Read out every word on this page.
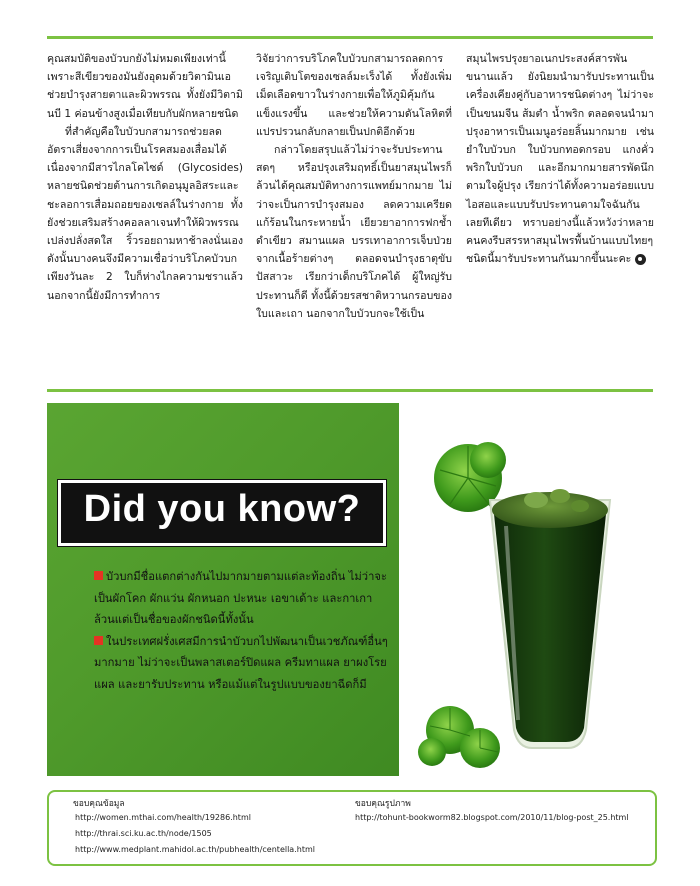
คุณสมบัติของบัวบกยังไม่หมดเพียงเท่านี้ เพราะสีเขียวของมันยังอุดมด้วยวิตามินเอ ช่วยบำรุงสายตาและผิวพรรณ ทั้งยังมีวิตามินบี 1 ค่อนข้างสูงเมื่อเทียบกับผักหลายชนิด

ที่สำคัญคือใบบัวบกสามารถช่วยลดอัตราเสี่ยงจากการเป็นโรคสมองเสื่อมได้ เนื่องจากมีสารไกลโคไซด์ (Glycosides) หลายชนิดช่วยต้านการเกิดอนุมูลอิสระและชะลอการเสื่อมถอยของเซลล์ในร่างกาย ทั้งยังช่วยเสริมสร้างคอลลาเจนทำให้ผิวพรรณเปล่งปลั่งสดใส ริ้วรอยถามหาช้าลงนั่นเอง ดังนั้นบางคนจึงมีความเชื่อว่าบริโภคบัวบกเพียงวันละ 2 ใบก็ห่างไกลความชราแล้ว นอกจากนี้ยังมีการทำการ

วิจัยว่าการบริโภคใบบัวบกสามารถลดการเจริญเติบโตของเซลล์มะเร็งได้ ทั้งยังเพิ่มเม็ดเลือดขาวในร่างกายเพื่อให้ภูมิคุ้มกันแข็งแรงขึ้น และช่วยให้ความดันโลหิตที่แปรปรวนกลับกลายเป็นปกติอีกด้วย

กล่าวโดยสรุปแล้วไม่ว่าจะรับประทานสดๆ หรือปรุงเสริมฤทธิ์เป็นยาสมุนไพรก็ล้วนได้คุณสมบัติทางการแพทย์มากมาย ไม่ว่าจะเป็นการบำรุงสมอง ลดความเครียด แก้ร้อนในกระหายน้ำ เยียวยาอาการฟกช้ำดำเขียว สมานแผล บรรเทาอาการเจ็บป่วยจากเนื้อร้ายต่างๆ ตลอดจนบำรุงธาตุขับปัสสาวะ เรียกว่าเด็กบริโภคได้ ผู้ใหญ่รับประทานก็ดี ทั้งนี้ด้วยรสชาติหวานกรอบของใบและเถา นอกจากใบบัวบกจะใช้เป็น

สมุนไพรปรุงยาอเนกประสงค์สารพันขนานแล้ว ยังนิยมนำมารับประทานเป็นเครื่องเคียงคู่กับอาหารชนิดต่างๆ ไม่ว่าจะเป็นขนมจีน ส้มตำ น้ำพริก ตลอดจนนำมาปรุงอาหารเป็นเมนูอร่อยลิ้นมากมาย เช่น ยำใบบัวบก ใบบัวบกทอดกรอบ แกงคั่วพริกใบบัวบก และอีกมากมายสารพัดนึกตามใจผู้ปรุง เรียกว่าได้ทั้งความอร่อยแบบไอสอและแบบรับประทานตามใจฉันกันเลยทีเดียว ทราบอย่างนี้แล้วหวังว่าหลายคนคงรีบสรรหาสมุนไพรพื้นบ้านแบบไทยๆ ชนิดนี้มารับประทานกันมากขึ้นนะคะ

Did you know?

บัวบกมีชื่อแตกต่างกันไปมากมายตามแต่ละท้องถิ่น ไม่ว่าจะเป็นผักโคก ผักแว่น ผักหนอก ปะหนะ เอขาเด้าะ และกาเกา ล้วนแต่เป็นชื่อของผักชนิดนี้ทั้งนั้น

ในประเทศฝรั่งเศสมีการนำบัวบกไปพัฒนาเป็นเวชภัณฑ์อื่นๆ มากมาย ไม่ว่าจะเป็นพลาสเตอร์ปิดแผล ครีมทาแผล ยาผงโรยแผล และยารับประทาน หรือแม้แต่ในรูปแบบของยาฉีดก็มี

ขอบคุณข้อมูล
http://women.mthai.com/health/19286.html
http://thrai.sci.ku.ac.th/node/1505
http://www.medplant.mahidol.ac.th/pubhealth/centella.html
ขอบคุณรูปภาพ
http://tohunt-bookworm82.blogspot.com/2010/11/blog-post_25.html
